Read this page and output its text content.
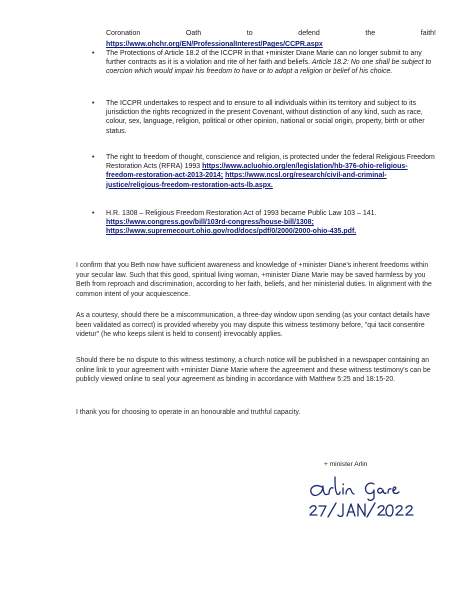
Coronation	Oath	to	defend	the	faith!
https://www.ohchr.org/EN/ProfessionalInterest/Pages/CCPR.aspx
• The Protections of Article 18.2 of the ICCPR in that +minister Diane Marie can no longer submit to any further contracts as it is a violation and rite of her faith and beliefs. Article 18.2: No one shall be subject to coercion which would impair his freedom to have or to adopt a religion or belief of his choice.
• The ICCPR undertakes to respect and to ensure to all individuals within its territory and subject to its jurisdiction the rights recognized in the present Covenant, without distinction of any kind, such as race, colour, sex, language, religion, political or other opinion, national or social origin, property, birth or other status.
• The right to freedom of thought, conscience and religion, is protected under the federal Religious Freedom Restoration Acts (RFRA) 1993 https://www.acluohio.org/en/legislation/hb-376-ohio-religious-freedom-restoration-act-2013-2014; https://www.ncsl.org/research/civil-and-criminal-justice/religious-freedom-restoration-acts-lb.aspx.
• H.R. 1308 – Religious Freedom Restoration Act of 1993 became Public Law 103 – 141. https://www.congress.gov/bill/103rd-congress/house-bill/1308; https://www.supremecourt.ohio.gov/rod/docs/pdf/0/2000/2000-ohio-435.pdf.
I confirm that you Beth now have sufficient awareness and knowledge of +minister Diane's inherent freedoms within your secular law. Such that this good, spiritual living woman, +minister Diane Marie may be saved harmless by you Beth from reproach and discrimination, according to her faith, beliefs, and her ministerial duties. In alignment with the common intent of your acquiescence.
As a courtesy, should there be a miscommunication, a three-day window upon sending (as your contact details have been validated as correct) is provided whereby you may dispute this witness testimony before, "qui tacit consentire videtur" (he who keeps silent is held to consent) irrevocably applies.
Should there be no dispute to this witness testimony, a church notice will be published in a newspaper containing an online link to your agreement with +minister Diane Marie where the agreement and these witness testimony's can be publicly viewed online to seal your agreement as binding in accordance with Matthew 5:25 and 18:15-20.
I thank you for choosing to operate in an honourable and truthful capacity.
+ minister Arlin
